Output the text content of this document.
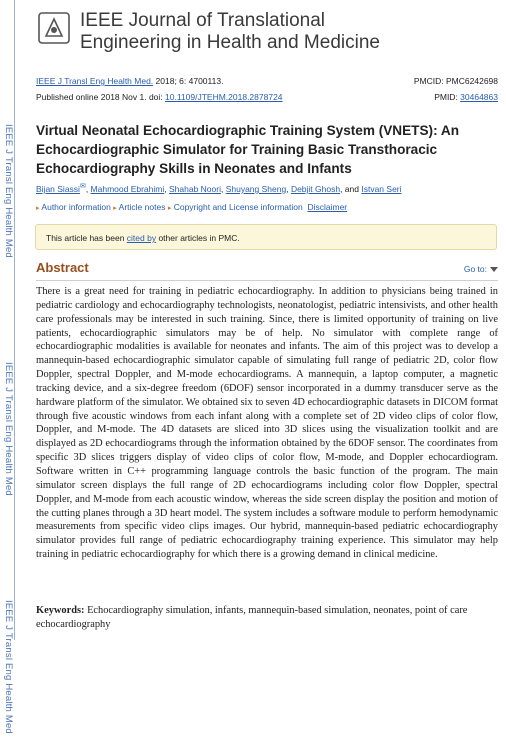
IEEE J Transl Eng Health Med
IEEE J Transl Eng Health Med
IEEE J Transl Eng Health Med
IEEE Journal of Translational
Engineering in Health and Medicine
IEEE J Transl Eng Health Med. 2018; 6: 4700113.	PMCID: PMC6242698
Published online 2018 Nov 1. doi: 10.1109/JTEHM.2018.2878724	PMID: 30464863
Virtual Neonatal Echocardiographic Training System (VNETS): An Echocardiographic Simulator for Training Basic Transthoracic Echocardiography Skills in Neonates and Infants
Bijan Siassi✉, Mahmood Ebrahimi, Shahab Noori, Shuyang Sheng, Debjit Ghosh, and Istvan Seri
▸ Author information ▸ Article notes ▸ Copyright and License information Disclaimer
This article has been cited by other articles in PMC.
Abstract	Go to:

There is a great need for training in pediatric echocardiography. In addition to physicians being trained in pediatric cardiology and echocardiography technologists, neonatologist, pediatric intensivists, and other health care professionals may be interested in such training. Since, there is limited opportunity of training on live patients, echocardiographic simulators may be of help. No simulator with complete range of echocardiographic modalities is available for neonates and infants. The aim of this project was to develop a mannequin-based echocardiographic simulator capable of simulating full range of pediatric 2D, color flow Doppler, spectral Doppler, and M-mode echocardiograms. A mannequin, a laptop computer, a magnetic tracking device, and a six-degree freedom (6DOF) sensor incorporated in a dummy transducer serve as the hardware platform of the simulator. We obtained six to seven 4D echocardiographic datasets in DICOM format through five acoustic windows from each infant along with a complete set of 2D video clips of color flow, Doppler, and M-mode. The 4D datasets are sliced into 3D slices using the visualization toolkit and are displayed as 2D echocardiograms through the information obtained by the 6DOF sensor. The coordinates from specific 3D slices triggers display of video clips of color flow, M-mode, and Doppler echocardiogram. Software written in C++ programming language controls the basic function of the program. The main simulator screen displays the full range of 2D echocardiograms including color flow Doppler, spectral Doppler, and M-mode from each acoustic window, whereas the side screen display the position and motion of the cutting planes through a 3D heart model. The system includes a software module to perform hemodynamic measurements from specific video clips images. Our hybrid, mannequin-based pediatric echocardiography simulator provides full range of pediatric echocardiography training experience. This simulator may help training in pediatric echocardiography for which there is a growing demand in clinical medicine.

Keywords: Echocardiography simulation, infants, mannequin-based simulation, neonates, point of care echocardiography
